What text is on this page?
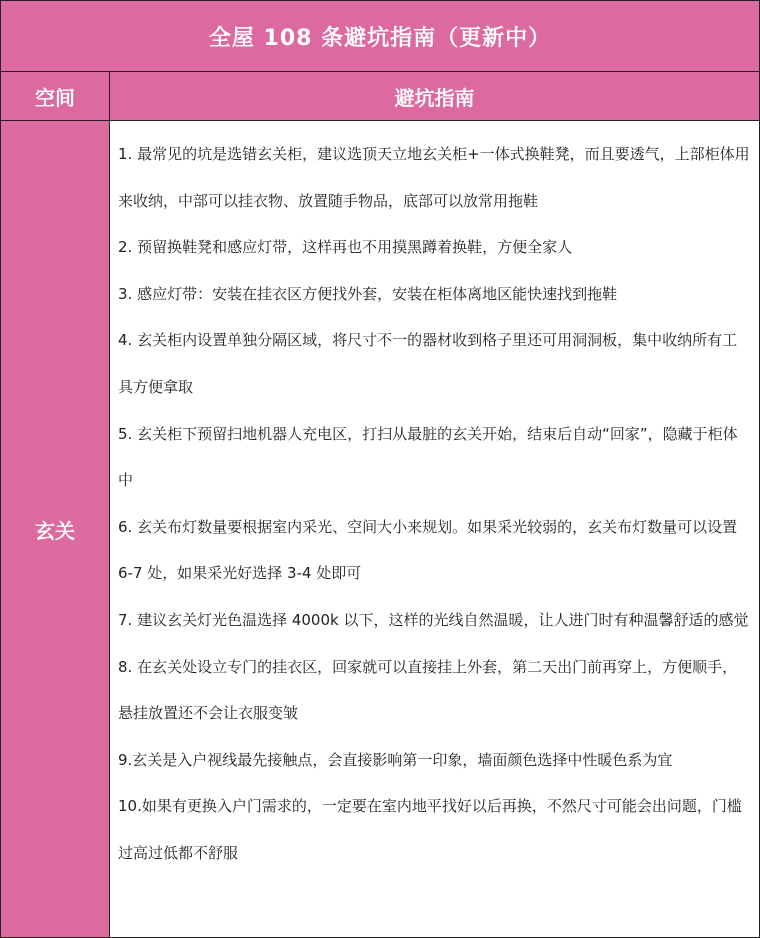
全屋 108 条避坑指南（更新中）
空间	避坑指南
玄关

1. 最常见的坑是选错玄关柜，建议选顶天立地玄关柜+一体式换鞋凳，而且要透气，上部柜体用来收纳，中部可以挂衣物、放置随手物品，底部可以放常用拖鞋

2. 预留换鞋凳和感应灯带，这样再也不用摸黑蹲着换鞋，方便全家人

3. 感应灯带：安装在挂衣区方便找外套，安装在柜体离地区能快速找到拖鞋

4. 玄关柜内设置单独分隔区域，将尺寸不一的器材收到格子里还可用洞洞板，集中收纳所有工具方便拿取

5. 玄关柜下预留扫地机器人充电区，打扫从最脏的玄关开始，结束后自动“回家”，隐藏于柜体中

6. 玄关布灯数量要根据室内采光、空间大小来规划。如果采光较弱的，玄关布灯数量可以设置 6-7 处，如果采光好选择 3-4 处即可

7. 建议玄关灯光色温选择 4000k 以下，这样的光线自然温暖，让人进门时有种温馨舒适的感觉

8. 在玄关处设立专门的挂衣区，回家就可以直接挂上外套，第二天出门前再穿上，方便顺手，悬挂放置还不会让衣服变皱

9.玄关是入户视线最先接触点，会直接影响第一印象，墙面颜色选择中性暖色系为宜

10.如果有更换入户门需求的，一定要在室内地平找好以后再换，不然尺寸可能会出问题，门槛过高过低都不舒服
